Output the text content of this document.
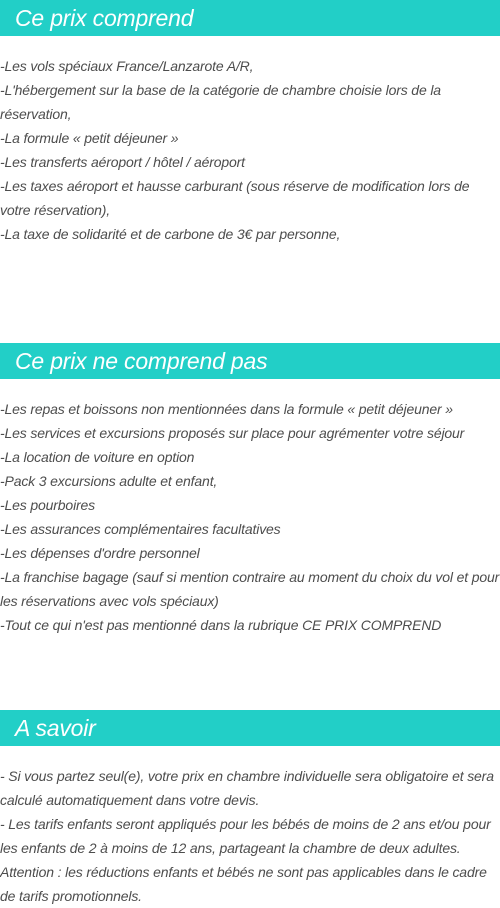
Ce prix comprend
-Les vols spéciaux France/Lanzarote A/R,
-L'hébergement sur la base de la catégorie de chambre choisie lors de la réservation,
-La formule « petit déjeuner »
-Les transferts aéroport / hôtel / aéroport
-Les taxes aéroport et hausse carburant (sous réserve de modification lors de votre réservation),
-La taxe de solidarité et de carbone de 3€ par personne,
Ce prix ne comprend pas
-Les repas et boissons non mentionnées dans la formule « petit déjeuner »
-Les services et excursions proposés sur place pour agrémenter votre séjour
-La location de voiture en option
-Pack 3 excursions adulte et enfant,
-Les pourboires
-Les assurances complémentaires facultatives
-Les dépenses d'ordre personnel
-La franchise bagage (sauf si mention contraire au moment du choix du vol et pour les réservations avec vols spéciaux)
-Tout ce qui n'est pas mentionné dans la rubrique CE PRIX COMPREND
A savoir
- Si vous partez seul(e), votre prix en chambre individuelle sera obligatoire et sera calculé automatiquement dans votre devis.
- Les tarifs enfants seront appliqués pour les bébés de moins de 2 ans et/ou pour les enfants de 2 à moins de 12 ans, partageant la chambre de deux adultes.
Attention : les réductions enfants et bébés ne sont pas applicables dans le cadre de tarifs promotionnels.
